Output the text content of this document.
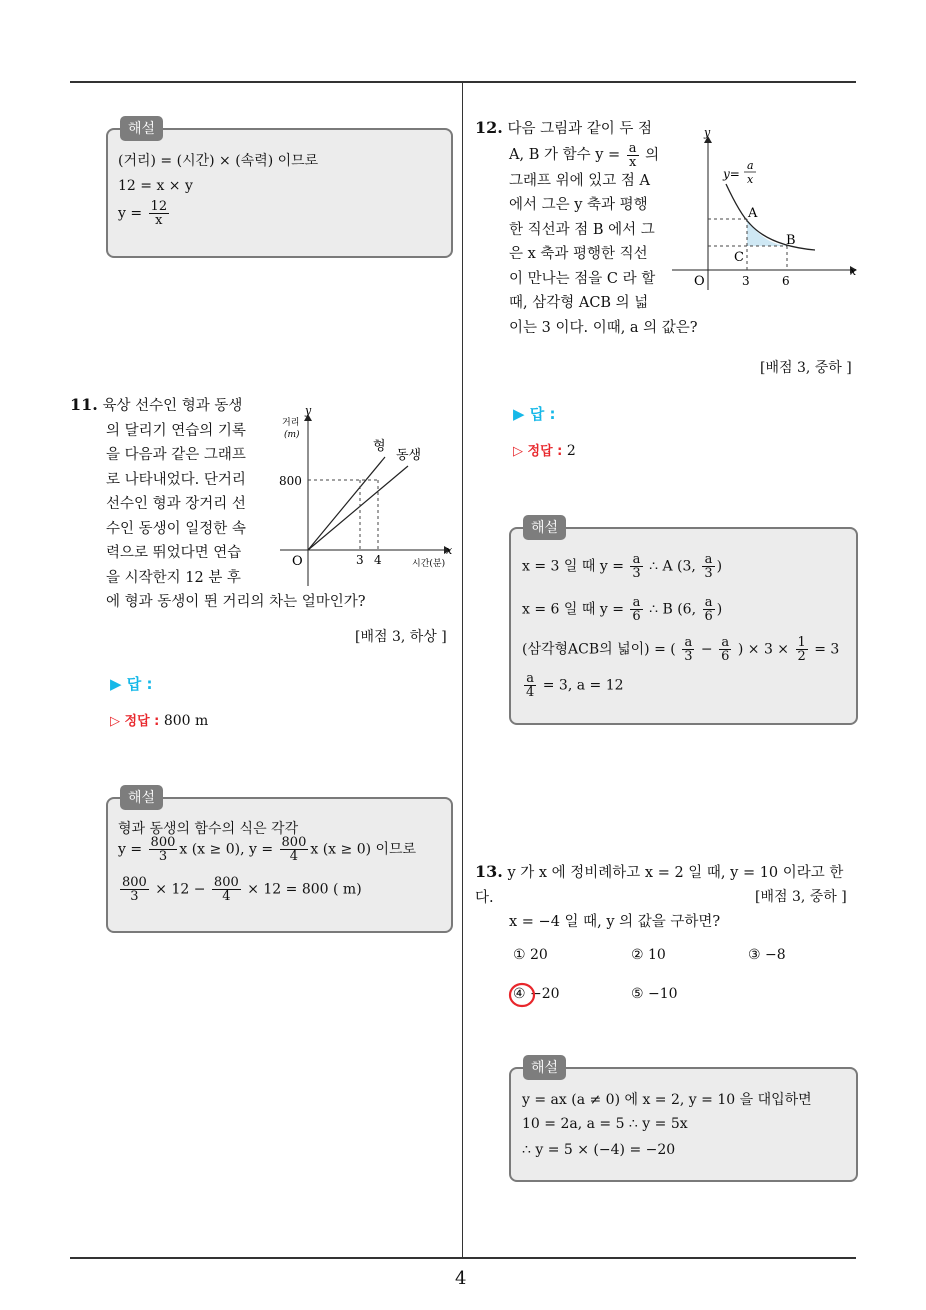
4
해설
(거리) = (시간) × (속력) 이므로
12 = x × y
$y = \frac{12}{x}$
11. 육상 선수인 형과 동생
의 달리기 연습의 기록
을 다음과 같은 그래프
로 나타내었다. 단거리
선수인 형과 장거리 선
수인 동생이 일정한 속
력으로 뛰었다면 연습
을 시작한지 12 분 후
에 형과 동생이 뛴 거리의 차는 얼마인가?
거리
(m)
y
x
시간(분)
O
800
3 4
형
동생
[배점 3, 하상 ]
▶ 답 :
▷ 정답 : 800 m
해설
형과 동생의 함수의 식은 각각
$y = \frac{800}{3}$ x (x ≥ 0), $y = \frac{800}{4}$ x (x ≥ 0) 이므로
$\frac{800}{3} \times 12 - \frac{800}{4} \times 12 = 800$ ( m)
12. 다음 그림과 같이 두 점
A, B 가 함수 $y = \frac{a}{x}$ 의
그래프 위에 있고 점 A
에서 그은 y 축과 평행
한 직선과 점 B 에서 그
은 x 축과 평행한 직선
이 만나는 점을 C 라 할
때, 삼각형 ACB 의 넓
이는 3 이다. 이때, a 의 값은?
y
x
O
y=
a
x
A
B
C
3	6
[배점 3, 중하 ]
▶ 답 :
▷ 정답 : 2
해설
x = 3 일 때 $y = \frac{a}{3}$ ∴ A (3, $\frac{a}{3}$ )
x = 6 일 때 $y = \frac{a}{6}$ ∴ B (6, $\frac{a}{6}$ )
(삼각형ACB의 넓이) = ( $\frac{a}{3} - \frac{a}{6}$ ) × $3 \times \frac{1}{2} = 3$
$\frac{a}{4} = 3$, a = 12
13. y 가 x 에 정비례하고 x = 2 일 때, y = 10 이라고 한다.
x = −4 일 때, y 의 값을 구하면?
[배점 3, 중하 ]
① 20	② 10	③ −8
④ −20	⑤ −10
해설
y = ax (a ≠ 0) 에 x = 2, y = 10 을 대입하면
10 = 2a, a = 5 ∴ y = 5x
∴ y = 5 × (−4) = −20
